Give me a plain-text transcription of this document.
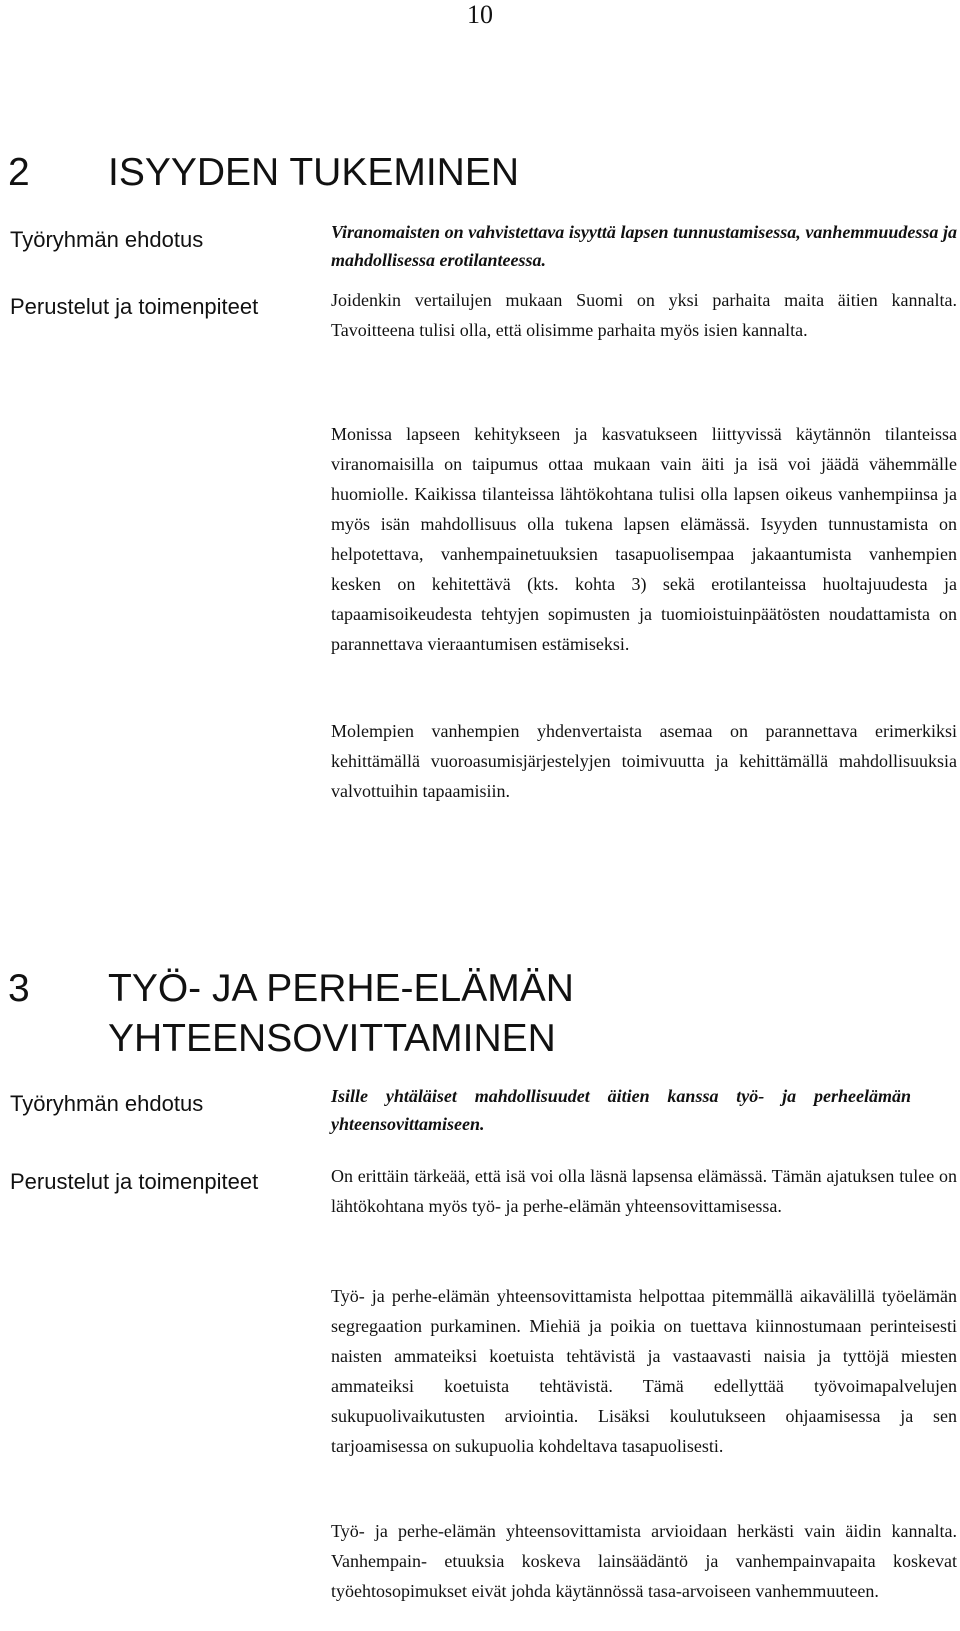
10
2 ISYYDEN TUKEMINEN
Työryhmän ehdotus	Viranomaisten on vahvistettava isyyttä lapsen tunnustamisessa, vanhemmuudessa ja mahdollisessa erotilanteessa.

Perustelut ja toimenpiteet	Joidenkin vertailujen mukaan Suomi on yksi parhaita maita äitien kannalta. Tavoitteena tulisi olla, että olisimme parhaita myös isien kannalta.

Monissa lapseen kehitykseen ja kasvatukseen liittyvissä käytännön tilanteissa viranomaisilla on taipumus ottaa mukaan vain äiti ja isä voi jäädä vähemmälle huomiolle. Kaikissa tilanteissa lähtökohtana tulisi olla lapsen oikeus vanhempiinsa ja myös isän mahdollisuus olla tukena lapsen elämässä. Isyyden tunnustamista on helpotettava, vanhempainetuuksien tasapuolisempaa jakaantumista vanhempien kesken on kehitettävä (kts. kohta 3) sekä erotilanteissa huoltajuudesta ja tapaamisoikeudesta tehtyjen sopimusten ja tuomioistuinpäätösten noudattamista on parannettava vieraantumisen estämiseksi.

Molempien vanhempien yhdenvertaista asemaa on parannettava erimerkiksi kehittämällä vuoroasumisjärjestelyjen toimivuutta ja kehittämällä mahdollisuuksia valvottuihin tapaamisiin.

3 TYÖ- JA PERHE-ELÄMÄN
YHTEENSOVITTAMINEN
Työryhmän ehdotus	Isille yhtäläiset mahdollisuudet äitien kanssa työ- ja perheelämän yhteensovittamiseen.

Perustelut ja toimenpiteet	On erittäin tärkeää, että isä voi olla läsnä lapsensa elämässä. Tämän ajatuksen tulee on lähtökohtana myös työ- ja perhe-elämän yhteensovittamisessa.

Työ- ja perhe-elämän yhteensovittamista helpottaa pitemmällä aikavälillä työelämän segregaation purkaminen. Miehiä ja poikia on tuettava kiinnostumaan perinteisesti naisten ammateiksi koetuista tehtävistä ja vastaavasti naisia ja tyttöjä miesten ammateiksi koetuista tehtävistä. Tämä edellyttää työvoimapalvelujen sukupuolivaikutusten arviointia. Lisäksi koulutukseen ohjaamisessa ja sen tarjoamisessa on sukupuolia kohdeltava tasapuolisesti.

Työ- ja perhe-elämän yhteensovittamista arvioidaan herkästi vain äidin kannalta. Vanhempain- etuuksia koskeva lainsäädäntö ja vanhempainvapaita koskevat työehtosopimukset eivät johda käytännössä tasa-arvoiseen vanhemmuuteen.
